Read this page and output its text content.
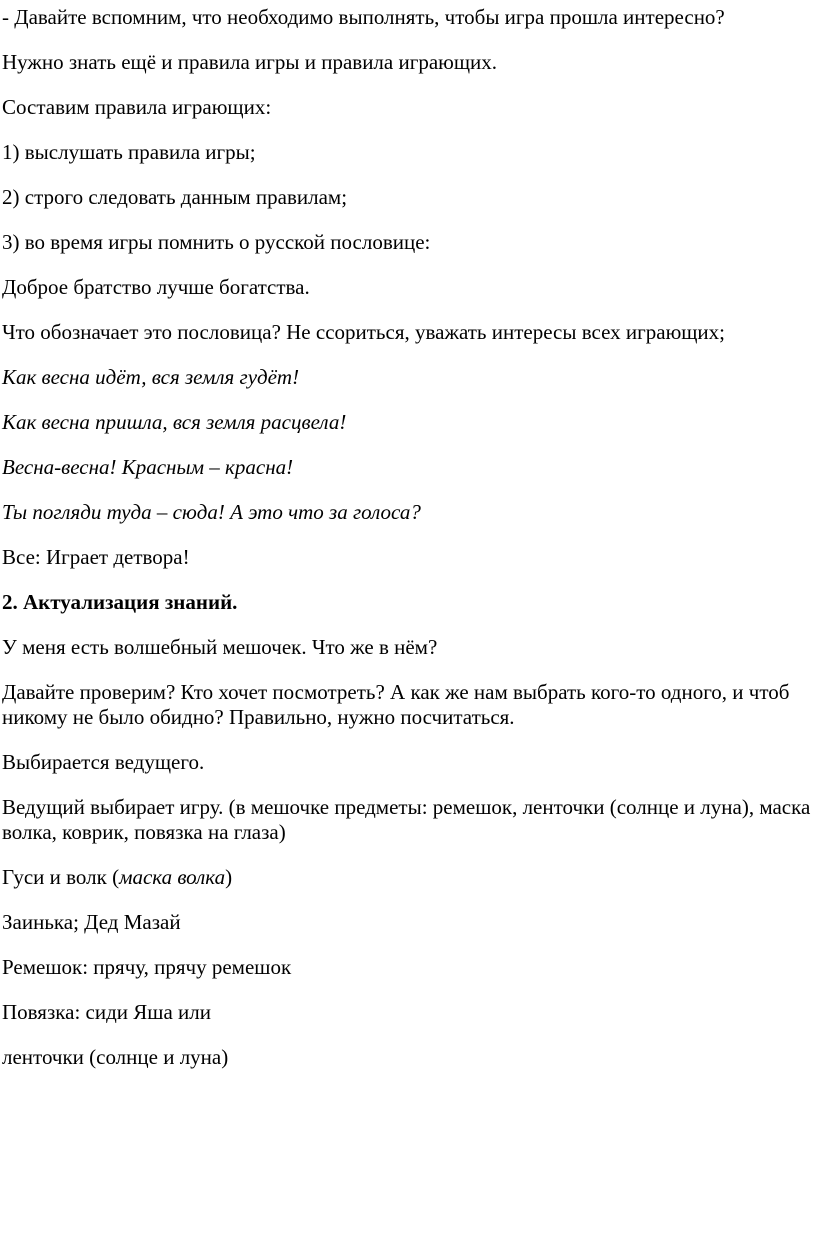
- Давайте вспомним, что необходимо выполнять, чтобы игра прошла интересно?

Нужно знать ещё и правила игры и правила играющих.

Составим правила играющих:

1) выслушать правила игры;

2) строго следовать данным правилам;

3) во время игры помнить о русской пословице:

Доброе братство лучше богатства.

Что обозначает это пословица? Не ссориться, уважать интересы всех играющих;

Как весна идёт, вся земля гудёт!

Как весна пришла, вся земля расцвела!

Весна-весна! Красным – красна!

Ты погляди туда – сюда! А это что за голоса?

Все: Играет детвора!

2. Актуализация знаний.

У меня есть волшебный мешочек. Что же в нём?

Давайте проверим? Кто хочет посмотреть? А как же нам выбрать кого-то одного, и чтоб никому не было обидно? Правильно, нужно посчитаться.

Выбирается ведущего.

Ведущий выбирает игру. (в мешочке предметы: ремешок, ленточки (солнце и луна), маска волка, коврик, повязка на глаза)

Гуси и волк (маска волка)

Заинька; Дед Мазай

Ремешок: прячу, прячу ремешок

Повязка: сиди Яша или

ленточки (солнце и луна)
